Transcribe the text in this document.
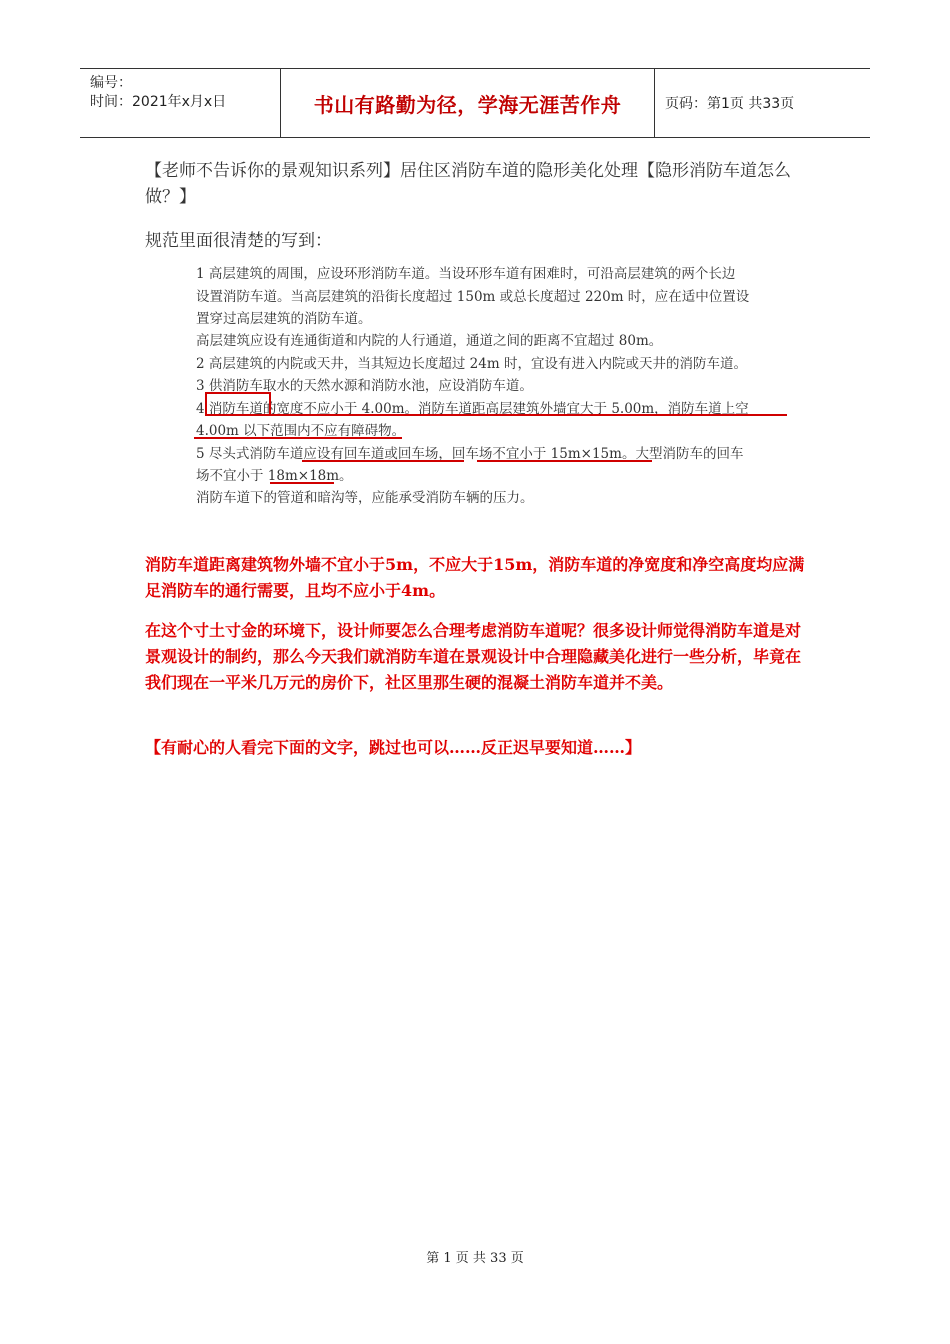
编号：
时间：2021年x月x日	书山有路勤为径，学海无涯苦作舟	页码：第1页 共33页
【老师不告诉你的景观知识系列】居住区消防车道的隐形美化处理【隐形消防车道怎么做？】
规范里面很清楚的写到：
1 高层建筑的周围，应设环形消防车道。当设环形车道有困难时，可沿高层建筑的两个长边
设置消防车道。当高层建筑的沿街长度超过 150m 或总长度超过 220m 时，应在适中位置设
置穿过高层建筑的消防车道。
高层建筑应设有连通街道和内院的人行通道，通道之间的距离不宜超过 80m。
2 高层建筑的内院或天井，当其短边长度超过 24m 时，宜设有进入内院或天井的消防车道。
3 供消防车取水的天然水源和消防水池，应设消防车道。
4 消防车道的宽度不应小于 4.00m。消防车道距高层建筑外墙宜大于 5.00m，消防车道上空
4.00m 以下范围内不应有障碍物。
5 尽头式消防车道应设有回车道或回车场，回车场不宜小于 15m×15m。大型消防车的回车
场不宜小于 18m×18m。
消防车道下的管道和暗沟等，应能承受消防车辆的压力。
消防车道距离建筑物外墙不宜小于5m，不应大于15m，消防车道的净宽度和净空高度均应满足消防车的通行需要，且均不应小于4m。
在这个寸土寸金的环境下，设计师要怎么合理考虑消防车道呢？很多设计师觉得消防车道是对景观设计的制约，那么今天我们就消防车道在景观设计中合理隐藏美化进行一些分析，毕竟在我们现在一平米几万元的房价下，社区里那生硬的混凝土消防车道并不美。
【有耐心的人看完下面的文字，跳过也可以……反正迟早要知道……】
第 1 页 共 33 页
